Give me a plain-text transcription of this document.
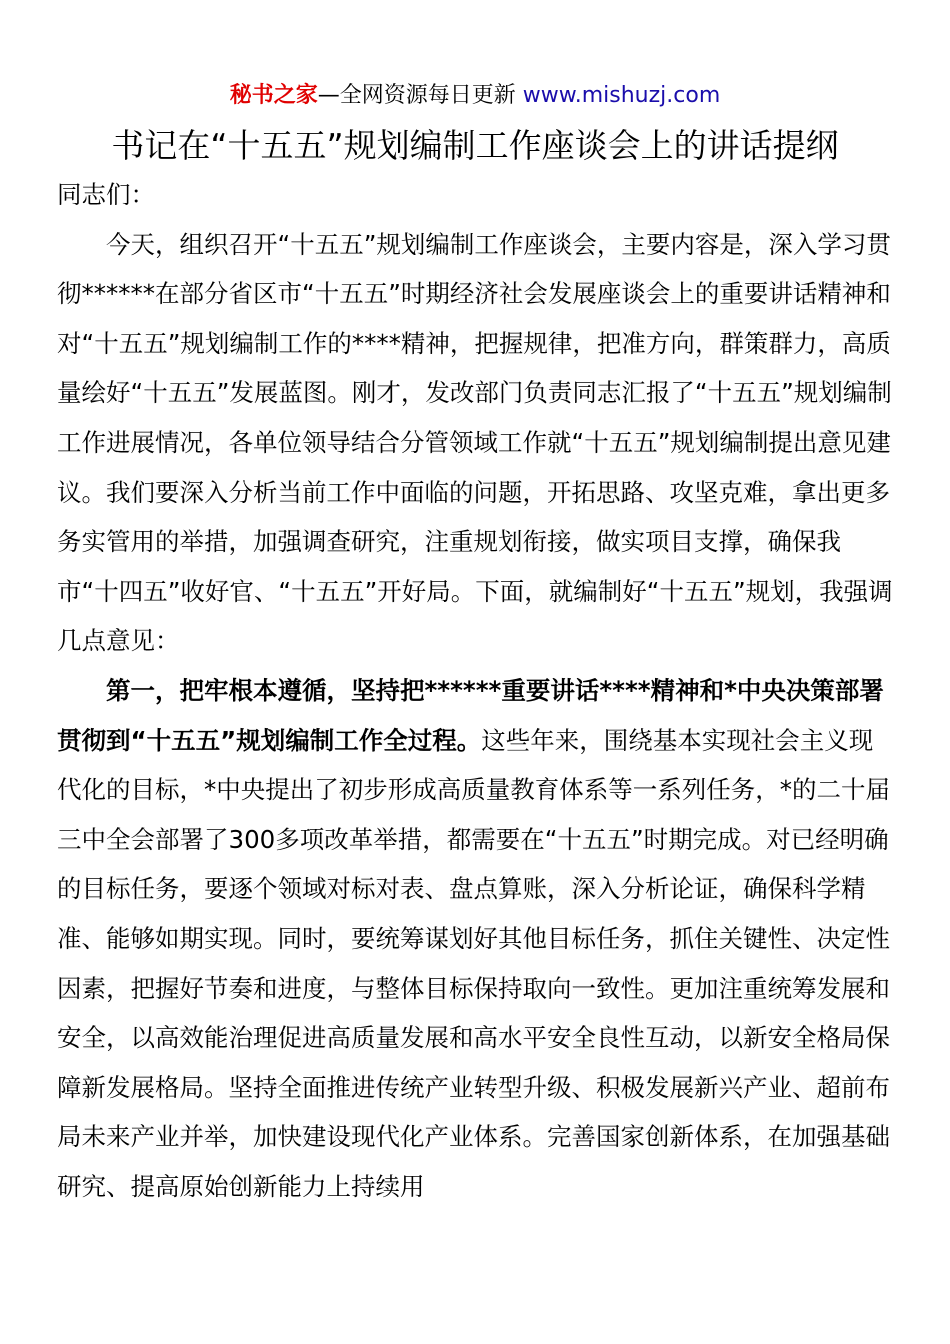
秘书之家—全网资源每日更新 www.mishuzj.com
书记在“十五五”规划编制工作座谈会上的讲话提纲

同志们：

今天，组织召开“十五五”规划编制工作座谈会，主要内容是，深入学习贯彻******在部分省区市“十五五”时期经济社会发展座谈会上的重要讲话精神和对“十五五”规划编制工作的****精神，把握规律，把准方向，群策群力，高质量绘好“十五五”发展蓝图。刚才，发改部门负责同志汇报了“十五五”规划编制工作进展情况，各单位领导结合分管领域工作就“十五五”规划编制提出意见建议。我们要深入分析当前工作中面临的问题，开拓思路、攻坚克难，拿出更多务实管用的举措，加强调查研究，注重规划衔接，做实项目支撑，确保我市“十四五”收好官、“十五五”开好局。下面，就编制好“十五五”规划，我强调几点意见：

第一，把牢根本遵循，坚持把******重要讲话****精神和*中央决策部署贯彻到“十五五”规划编制工作全过程。这些年来，围绕基本实现社会主义现代化的目标，*中央提出了初步形成高质量教育体系等一系列任务，*的二十届三中全会部署了300多项改革举措，都需要在“十五五”时期完成。对已经明确的目标任务，要逐个领域对标对表、盘点算账，深入分析论证，确保科学精准、能够如期实现。同时，要统筹谋划好其他目标任务，抓住关键性、决定性因素，把握好节奏和进度，与整体目标保持取向一致性。更加注重统筹发展和安全，以高效能治理促进高质量发展和高水平安全良性互动，以新安全格局保障新发展格局。坚持全面推进传统产业转型升级、积极发展新兴产业、超前布局未来产业并举，加快建设现代化产业体系。完善国家创新体系，在加强基础研究、提高原始创新能力上持续用
